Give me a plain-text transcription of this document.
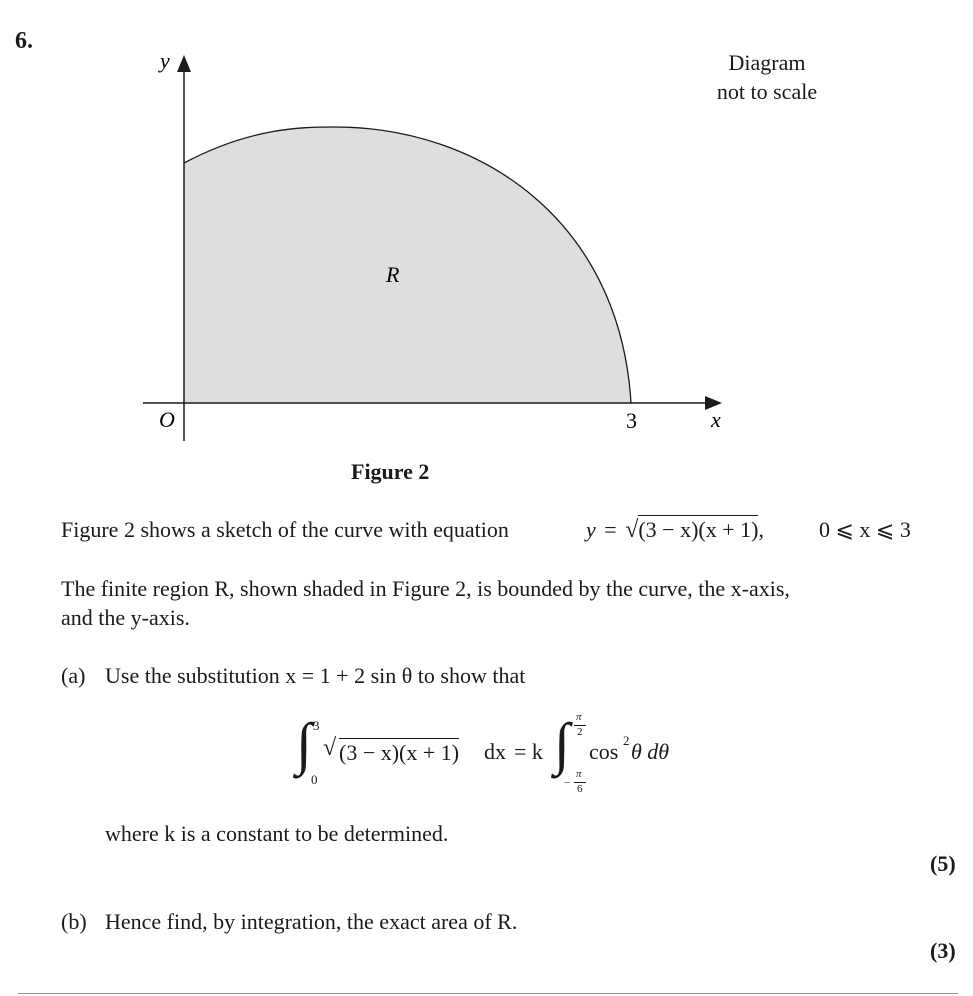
6.
Diagram
not to scale
y
x
O	3
R
Figure 2
Figure 2 shows a sketch of the curve with equation	y = √(3 − x)(x + 1),	0 ⩽ x ⩽ 3
The finite region R, shown shaded in Figure 2, is bounded by the curve, the x-axis,
and the y-axis.
(a) Use the substitution x = 1 + 2 sin θ to show that
∫ 3
0
√ (3 − x)(x + 1) dx = k ∫ π
2
−
π
6
cos 2 θ dθ
where k is a constant to be determined.
(5)
(b) Hence find, by integration, the exact area of R.
(3)
